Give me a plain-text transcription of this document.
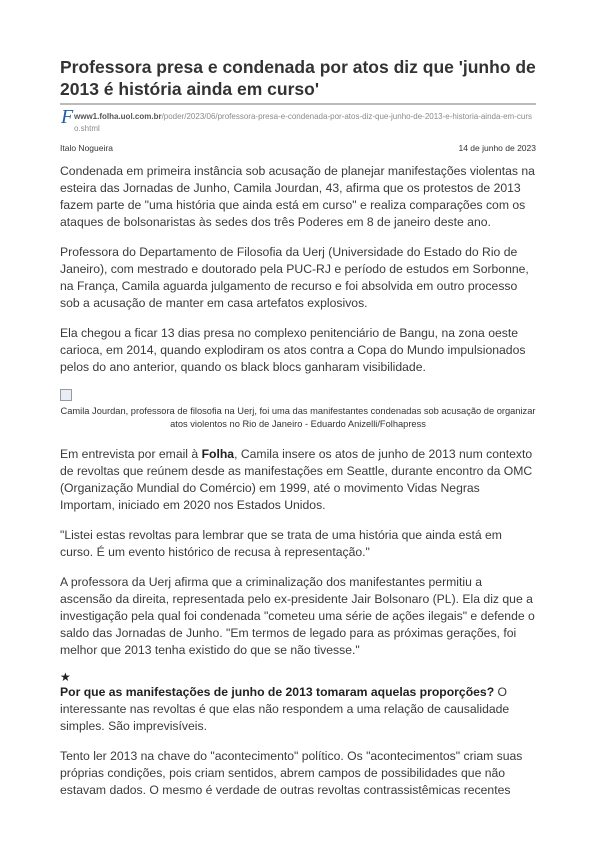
Professora presa e condenada por atos diz que 'junho de 2013 é história ainda em curso'
F www1.folha.uol.com.br/poder/2023/06/professora-presa-e-condenada-por-atos-diz-que-junho-de-2013-e-historia-ainda-em-curso.shtml
Italo Nogueira	14 de junho de 2023

Condenada em primeira instância sob acusação de planejar manifestações violentas na esteira das Jornadas de Junho, Camila Jourdan, 43, afirma que os protestos de 2013 fazem parte de "uma história que ainda está em curso" e realiza comparações com os ataques de bolsonaristas às sedes dos três Poderes em 8 de janeiro deste ano.

Professora do Departamento de Filosofia da Uerj (Universidade do Estado do Rio de Janeiro), com mestrado e doutorado pela PUC-RJ e período de estudos em Sorbonne, na França, Camila aguarda julgamento de recurso e foi absolvida em outro processo sob a acusação de manter em casa artefatos explosivos.

Ela chegou a ficar 13 dias presa no complexo penitenciário de Bangu, na zona oeste carioca, em 2014, quando explodiram os atos contra a Copa do Mundo impulsionados pelos do ano anterior, quando os black blocs ganharam visibilidade.

Camila Jourdan, professora de filosofia na Uerj, foi uma das manifestantes condenadas sob acusação de organizar atos violentos no Rio de Janeiro - Eduardo Anizelli/Folhapress

Em entrevista por email à Folha, Camila insere os atos de junho de 2013 num contexto de revoltas que reúnem desde as manifestações em Seattle, durante encontro da OMC (Organização Mundial do Comércio) em 1999, até o movimento Vidas Negras Importam, iniciado em 2020 nos Estados Unidos.

"Listei estas revoltas para lembrar que se trata de uma história que ainda está em curso. É um evento histórico de recusa à representação."

A professora da Uerj afirma que a criminalização dos manifestantes permitiu a ascensão da direita, representada pelo ex-presidente Jair Bolsonaro (PL). Ela diz que a investigação pela qual foi condenada "cometeu uma série de ações ilegais" e defende o saldo das Jornadas de Junho. "Em termos de legado para as próximas gerações, foi melhor que 2013 tenha existido do que se não tivesse."

★

Por que as manifestações de junho de 2013 tomaram aquelas proporções? O interessante nas revoltas é que elas não respondem a uma relação de causalidade simples. São imprevisíveis.

Tento ler 2013 na chave do "acontecimento" político. Os "acontecimentos" criam suas próprias condições, pois criam sentidos, abrem campos de possibilidades que não estavam dados. O mesmo é verdade de outras revoltas contrassistêmicas recentes
